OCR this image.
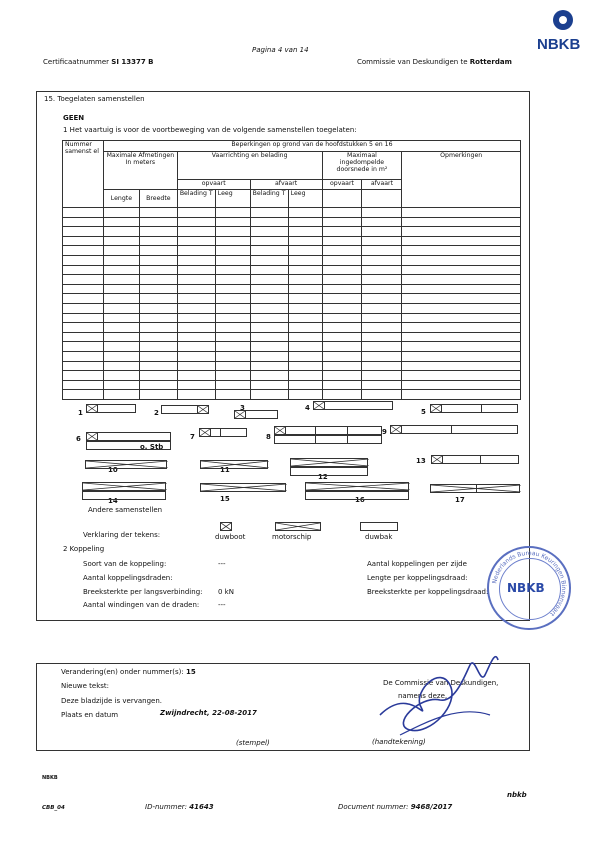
Pagina 4 van 14
Certificaatnummer SI 13377 B	Commissie van Deskundigen te Rotterdam
NBKB
15. Toegelaten samenstellen
GEEN
1 Het vaartuig is voor de voortbeweging van de volgende samenstellen toegelaten:
Nummer samenst el	Beperkingen op grond van de hoofdstukken 5 en 16								
	Maximale Afmetingen In meters		Vaarrichting en belading				Maximaal ingedompelde doorsnede in m²		Opmerkingen
			opvaart		afvaart		opvaart	afvaart	
	Lengte	Breedte	Belading T	Leeg	Belading T	Leeg			

1	2
3	4	5
6
o. Stb
7	8
9
10	11
12
13
14	15	16	17
Andere samenstellen
Verklaring der tekens:	duwboot	motorschip	duwbak
2 Koppeling
Soort van de koppeling:	---
Aantal koppelingsdraden:
Breeksterkte per langsverbinding: 0 kN
Aantal windingen van de draden:	---
Aantal koppelingen per zijde
Lengte per koppelingsdraad:
Breeksterkte per koppelingsdraad:
Nederlands Bureau Keuringen Binnenvaart
NBKB
Verandering(en) onder nummer(s): 15
Nieuwe tekst:
Deze bladzijde is vervangen.
Plaats en datum	Zwijndrecht, 22-08-2017
(stempel)
De Commissie van Deskundigen,
namens deze,
(handtekening)
NBKB
CBB_04	ID-nummer: 41643	Document nummer: 9468/2017
nbkb
